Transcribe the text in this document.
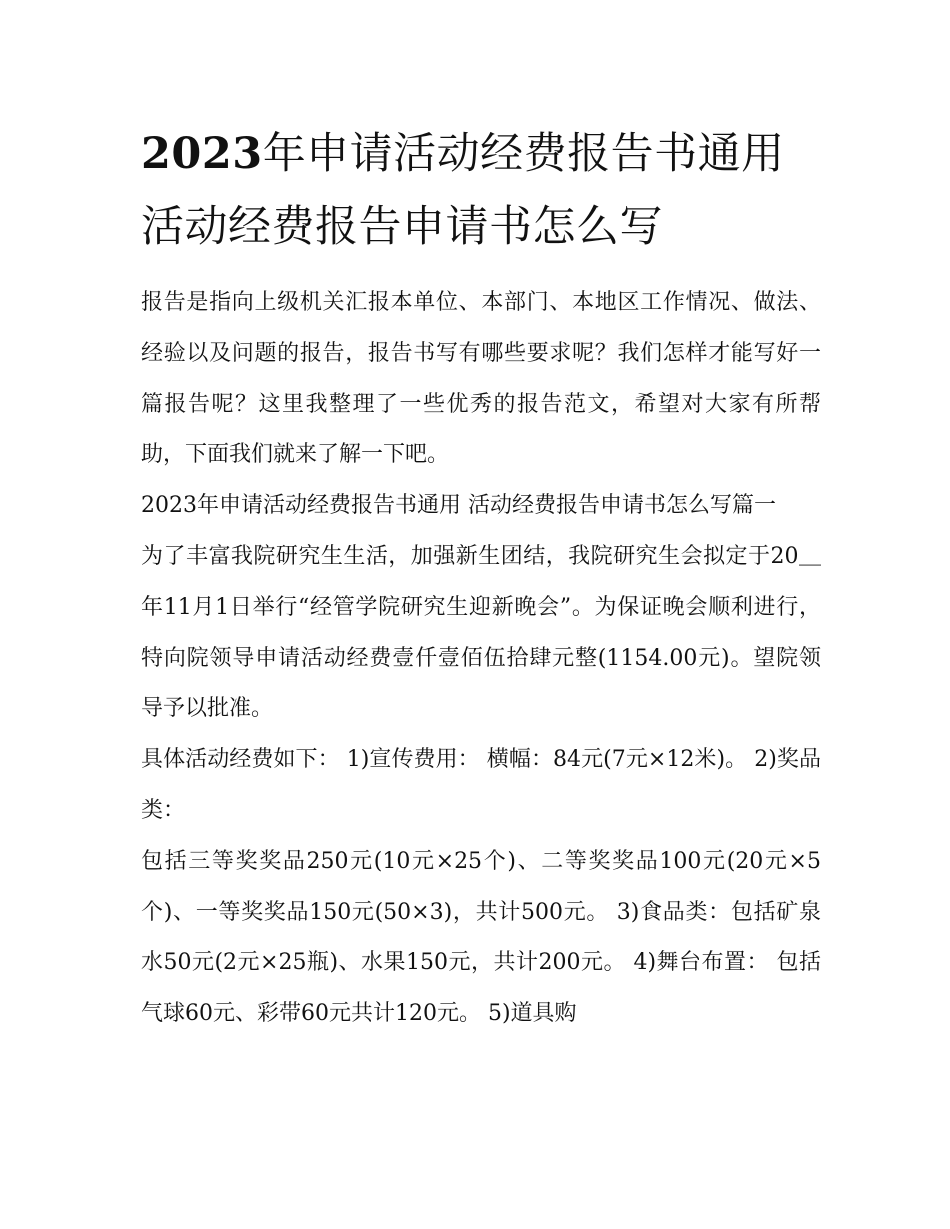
2023年申请活动经费报告书通用 活动经费报告申请书怎么写

报告是指向上级机关汇报本单位、本部门、本地区工作情况、做法、经验以及问题的报告，报告书写有哪些要求呢？我们怎样才能写好一篇报告呢？这里我整理了一些优秀的报告范文，希望对大家有所帮助，下面我们就来了解一下吧。

2023年申请活动经费报告书通用 活动经费报告申请书怎么写篇一

为了丰富我院研究生生活，加强新生团结，我院研究生会拟定于20＿年11月1日举行“经管学院研究生迎新晚会”。为保证晚会顺利进行，特向院领导申请活动经费壹仟壹佰伍拾肆元整(1154.00元)。望院领导予以批准。

具体活动经费如下： 1)宣传费用： 横幅：84元(7元×12米)。 2)奖品类：

包括三等奖奖品250元(10元×25个)、二等奖奖品100元(20元×5个)、一等奖奖品150元(50×3)，共计500元。 3)食品类：包括矿泉水50元(2元×25瓶)、水果150元，共计200元。 4)舞台布置： 包括气球60元、彩带60元共计120元。 5)道具购
